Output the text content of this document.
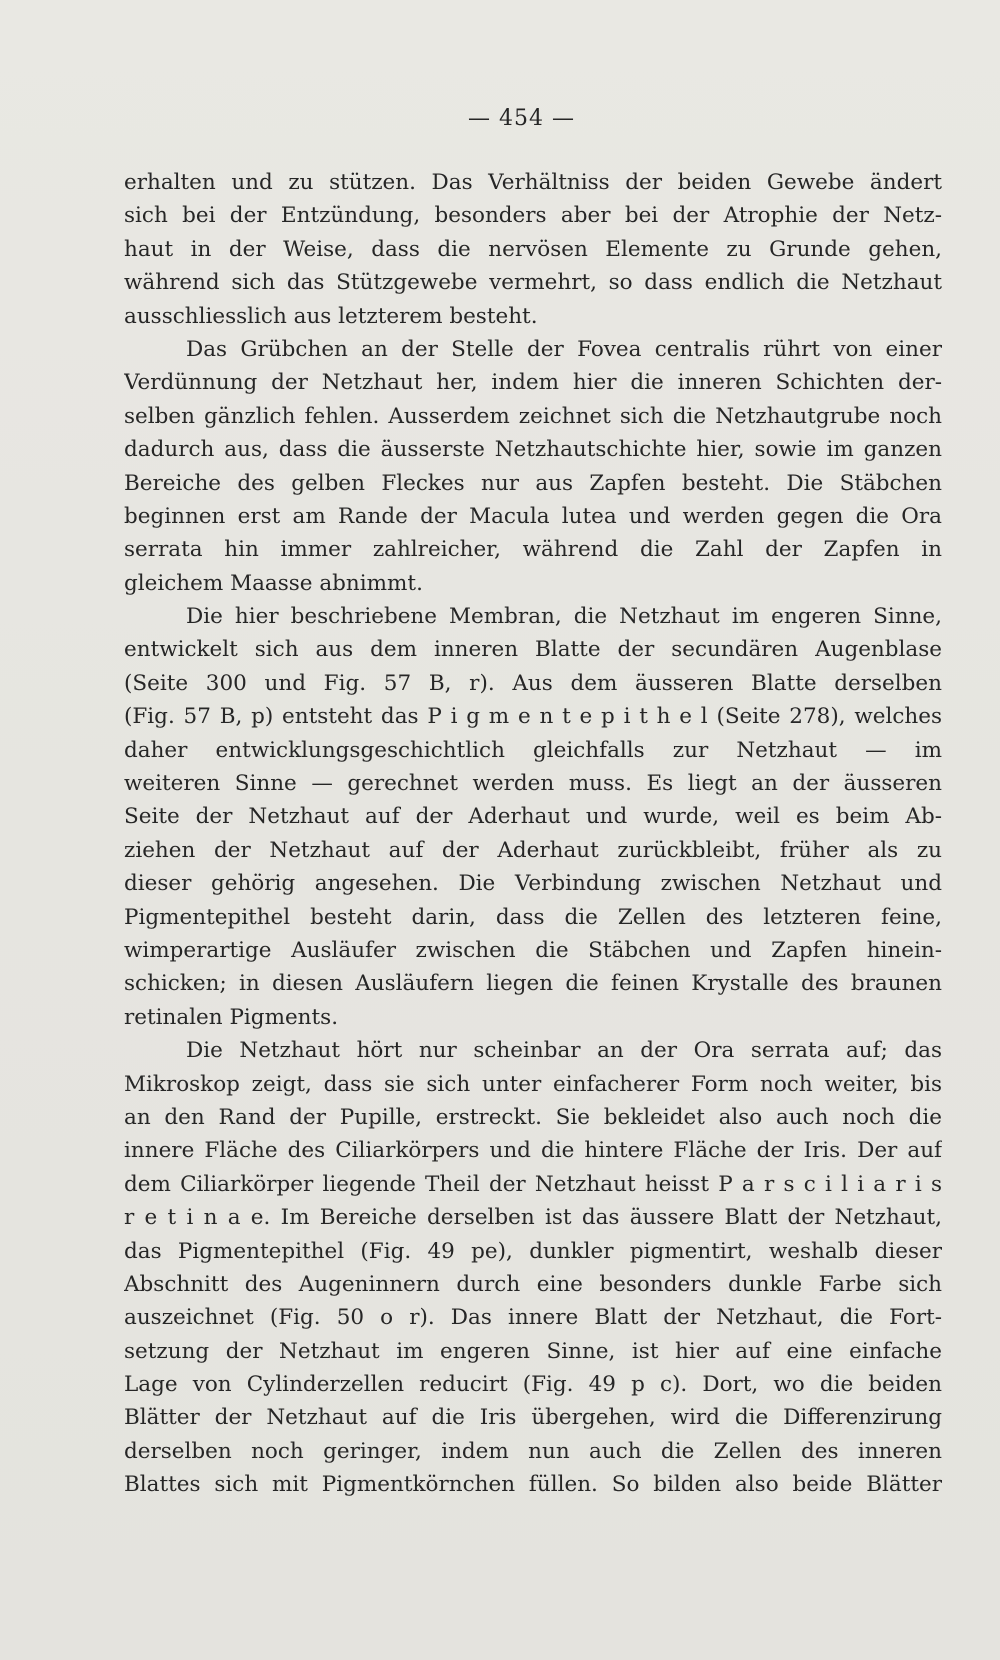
— 454 —
erhalten und zu stützen. Das Verhältniss der beiden Gewebe ändert
sich bei der Entzündung, besonders aber bei der Atrophie der Netz-
haut in der Weise, dass die nervösen Elemente zu Grunde gehen,
während sich das Stützgewebe vermehrt, so dass endlich die Netzhaut
ausschliesslich aus letzterem besteht.
Das Grübchen an der Stelle der Fovea centralis rührt von einer
Verdünnung der Netzhaut her, indem hier die inneren Schichten der-
selben gänzlich fehlen. Ausserdem zeichnet sich die Netzhautgrube noch
dadurch aus, dass die äusserste Netzhautschichte hier, sowie im ganzen
Bereiche des gelben Fleckes nur aus Zapfen besteht. Die Stäbchen
beginnen erst am Rande der Macula lutea und werden gegen die Ora
serrata hin immer zahlreicher, während die Zahl der Zapfen in
gleichem Maasse abnimmt.
Die hier beschriebene Membran, die Netzhaut im engeren Sinne,
entwickelt sich aus dem inneren Blatte der secundären Augenblase
(Seite 300 und Fig. 57 B, r). Aus dem äusseren Blatte derselben
(Fig. 57 B, p) entsteht das P i g m e n t e p i t h e l (Seite 278), welches
daher entwicklungsgeschichtlich gleichfalls zur Netzhaut — im
weiteren Sinne — gerechnet werden muss. Es liegt an der äusseren
Seite der Netzhaut auf der Aderhaut und wurde, weil es beim Ab-
ziehen der Netzhaut auf der Aderhaut zurückbleibt, früher als zu
dieser gehörig angesehen. Die Verbindung zwischen Netzhaut und
Pigmentepithel besteht darin, dass die Zellen des letzteren feine,
wimperartige Ausläufer zwischen die Stäbchen und Zapfen hinein-
schicken; in diesen Ausläufern liegen die feinen Krystalle des braunen
retinalen Pigments.
Die Netzhaut hört nur scheinbar an der Ora serrata auf; das
Mikroskop zeigt, dass sie sich unter einfacherer Form noch weiter, bis
an den Rand der Pupille, erstreckt. Sie bekleidet also auch noch die
innere Fläche des Ciliarkörpers und die hintere Fläche der Iris. Der auf
dem Ciliarkörper liegende Theil der Netzhaut heisst P a r s c i l i a r i s
r e t i n a e. Im Bereiche derselben ist das äussere Blatt der Netzhaut,
das Pigmentepithel (Fig. 49 pe), dunkler pigmentirt, weshalb dieser
Abschnitt des Augeninnern durch eine besonders dunkle Farbe sich
auszeichnet (Fig. 50 o r). Das innere Blatt der Netzhaut, die Fort-
setzung der Netzhaut im engeren Sinne, ist hier auf eine einfache
Lage von Cylinderzellen reducirt (Fig. 49 p c). Dort, wo die beiden
Blätter der Netzhaut auf die Iris übergehen, wird die Differenzirung
derselben noch geringer, indem nun auch die Zellen des inneren
Blattes sich mit Pigmentkörnchen füllen. So bilden also beide Blätter
